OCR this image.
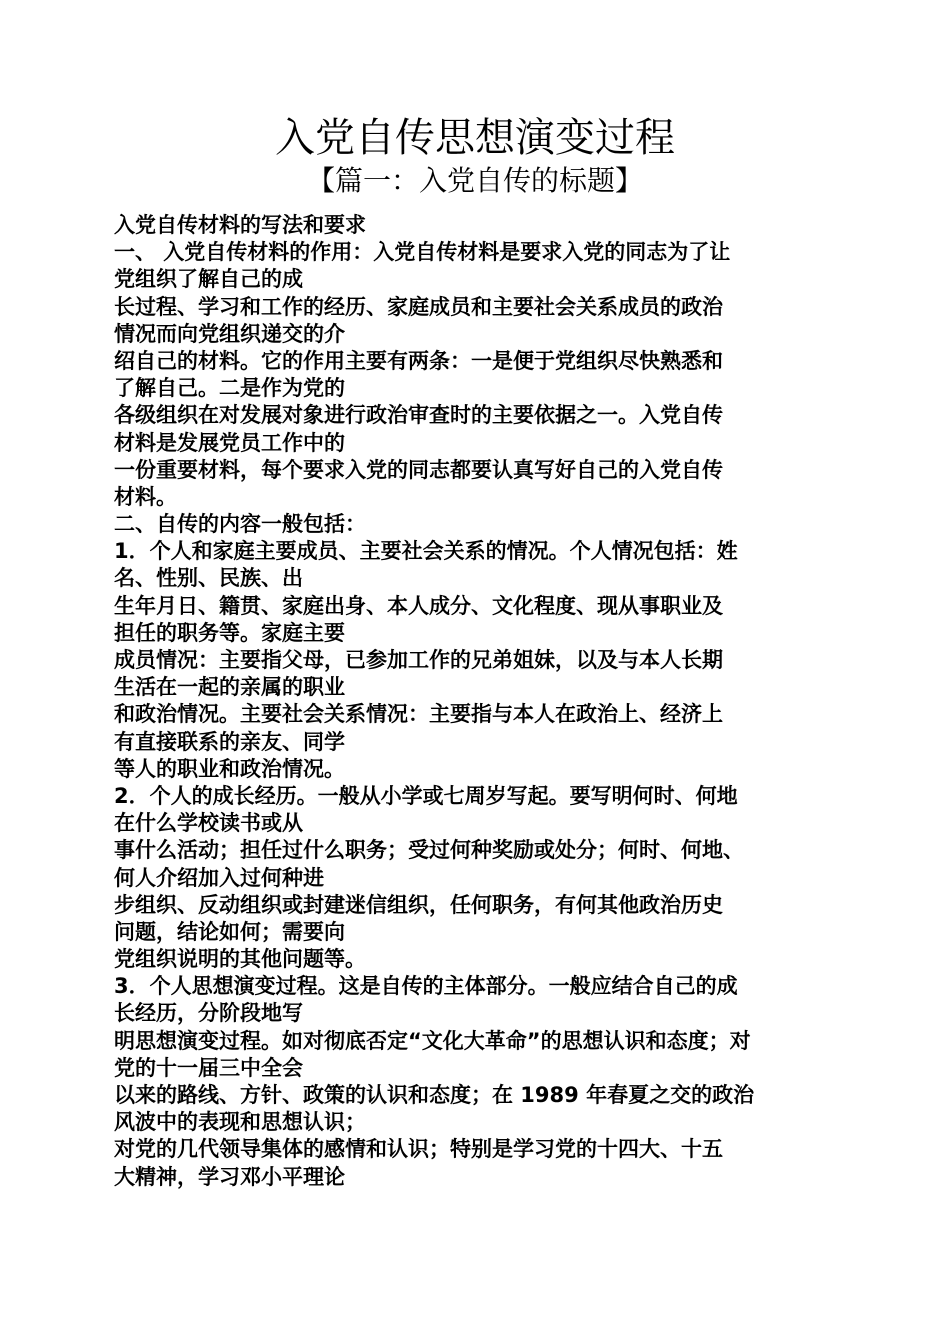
入党自传思想演变过程
【篇一：入党自传的标题】
入党自传材料的写法和要求
一、 入党自传材料的作用：入党自传材料是要求入党的同志为了让
党组织了解自己的成
长过程、学习和工作的经历、家庭成员和主要社会关系成员的政治
情况而向党组织递交的介
绍自己的材料。它的作用主要有两条：一是便于党组织尽快熟悉和
了解自己。二是作为党的
各级组织在对发展对象进行政治审查时的主要依据之一。入党自传
材料是发展党员工作中的
一份重要材料，每个要求入党的同志都要认真写好自己的入党自传
材料。
二、自传的内容一般包括：
1．个人和家庭主要成员、主要社会关系的情况。个人情况包括：姓
名、性别、民族、出
生年月日、籍贯、家庭出身、本人成分、文化程度、现从事职业及
担任的职务等。家庭主要
成员情况：主要指父母，已参加工作的兄弟姐妹，以及与本人长期
生活在一起的亲属的职业
和政治情况。主要社会关系情况：主要指与本人在政治上、经济上
有直接联系的亲友、同学
等人的职业和政治情况。
2．个人的成长经历。一般从小学或七周岁写起。要写明何时、何地
在什么学校读书或从
事什么活动；担任过什么职务；受过何种奖励或处分；何时、何地、
何人介绍加入过何种进
步组织、反动组织或封建迷信组织，任何职务，有何其他政治历史
问题，结论如何；需要向
党组织说明的其他问题等。
3．个人思想演变过程。这是自传的主体部分。一般应结合自己的成
长经历，分阶段地写
明思想演变过程。如对彻底否定“文化大革命”的思想认识和态度；对
党的十一届三中全会
以来的路线、方针、政策的认识和态度；在 1989 年春夏之交的政治
风波中的表现和思想认识；
对党的几代领导集体的感情和认识；特别是学习党的十四大、十五
大精神，学习邓小平理论
